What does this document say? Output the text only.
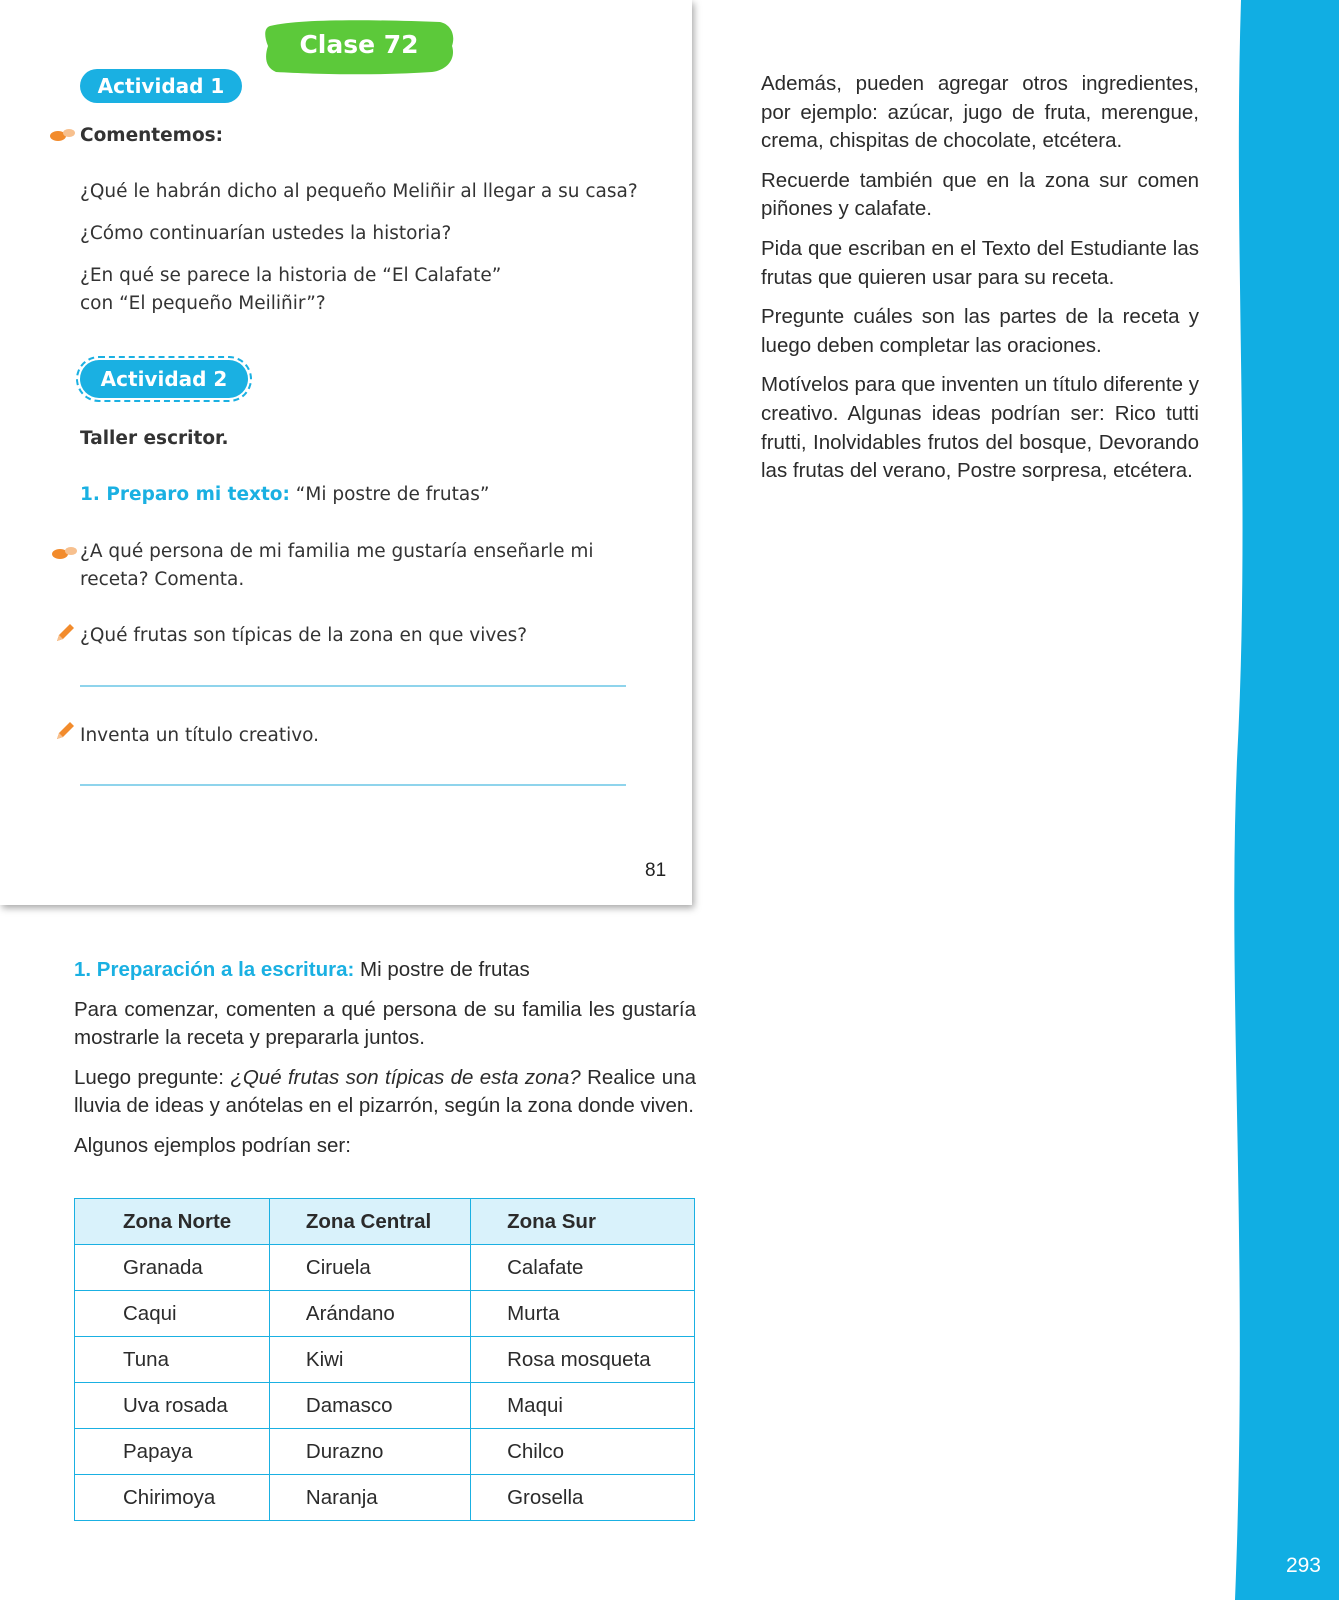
293
Clase 72
Actividad 1
Comentemos:
¿Qué le habrán dicho al pequeño Meliñir al llegar a su casa?
¿Cómo continuarían ustedes la historia?
¿En qué se parece la historia de “El Calafate”
con “El pequeño Meiliñir”?
Actividad 2
Taller escritor.
1. Preparo mi texto: “Mi postre de frutas”
¿A qué persona de mi familia me gustaría enseñarle mi
receta? Comenta.
¿Qué frutas son típicas de la zona en que vives?
Inventa un título creativo.
81

Además, pueden agregar otros ingredientes, por ejemplo: azúcar, jugo de fruta, merengue, crema, chispitas de chocolate, etcétera.

Recuerde también que en la zona sur comen piñones y calafate.

Pida que escriban en el Texto del Estudiante las frutas que quieren usar para su receta.

Pregunte cuáles son las partes de la receta y luego deben completar las oraciones.

Motívelos para que inventen un título diferente y creativo. Algunas ideas podrían ser: Rico tutti frutti, Inolvidables frutos del bosque, Devorando las frutas del verano, Postre sorpresa, etcétera.

1. Preparación a la escritura: Mi postre de frutas

Para comenzar, comenten a qué persona de su familia les gustaría mostrarle la receta y prepararla juntos.

Luego pregunte: ¿Qué frutas son típicas de esta zona? Realice una lluvia de ideas y anótelas en el pizarrón, según la zona donde viven.

Algunos ejemplos podrían ser:

Zona Norte	Zona Central	Zona Sur
Granada	Ciruela	Calafate
Caqui	Arándano	Murta
Tuna	Kiwi	Rosa mosqueta
Uva rosada	Damasco	Maqui
Papaya	Durazno	Chilco
Chirimoya	Naranja	Grosella
